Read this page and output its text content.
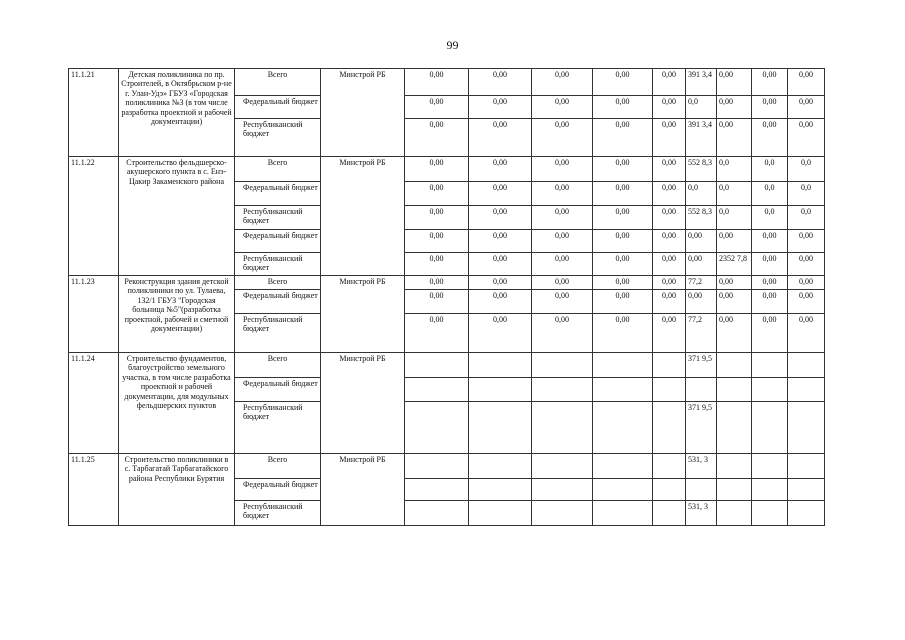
99
11.1.21	Детская поликлиника по пр. Строителей, в Октябрьском р-не г. Улан-Удэ» ГБУЗ «Городская поликлиника №3 (в том числе разработка проектной и рабочей документации)	Всего	Минстрой РБ	0,00	0,00	0,00	0,00	0,00	391 3,4	0,00	0,00	0,00
		Федеральный бюджет		0,00	0,00	0,00	0,00	0,00	0,0	0,00	0,00	0,00
		Республиканский бюджет		0,00	0,00	0,00	0,00	0,00	391 3,4	0,00	0,00	0,00
11.1.22	Строительство фельдшерско-акушерского пункта в с. Енэ-Цакир Закаменского района	Всего	Минстрой РБ	0,00	0,00	0,00	0,00	0,00	552 8,3	0,0	0,0	0,0
		Федеральный бюджет		0,00	0,00	0,00	0,00	0,00	0,0	0,0	0,0	0,0
		Республиканский бюджет		0,00	0,00	0,00	0,00	0,00	552 8,3	0,0	0,0	0,0
		Федеральный бюджет		0,00	0,00	0,00	0,00	0,00	0,00	0,00	0,00	0,00
		Республиканский бюджет		0,00	0,00	0,00	0,00	0,00	0,00	2352 7,8	0,00	0,00
11.1.23	Реконструкция здания детской поликлиники по ул. Тулаева, 132/1 ГБУЗ "Городская больница №5"(разработка проектной, рабочей и сметной документации)	Всего	Минстрой РБ	0,00	0,00	0,00	0,00	0,00	77,2	0,00	0,00	0,00
		Федеральный бюджет		0,00	0,00	0,00	0,00	0,00	0,00	0,00	0,00	0,00
		Республиканский бюджет		0,00	0,00	0,00	0,00	0,00	77,2	0,00	0,00	0,00
11.1.24	Строительство фундаментов, благоустройство земельного участка, в том числе разработка проектной и рабочей документации, для модульных фельдшерских пунктов	Всего	Минстрой РБ						371 9,5			
		Федеральный бюджет										
		Республиканский бюджет							371 9,5			
11.1.25	Строительство поликлиники в с. Тарбагатай Тарбагатайского района Республики Бурятия	Всего	Минстрой РБ						531, 3			
		Федеральный бюджет										
		Республиканский бюджет							531, 3			
